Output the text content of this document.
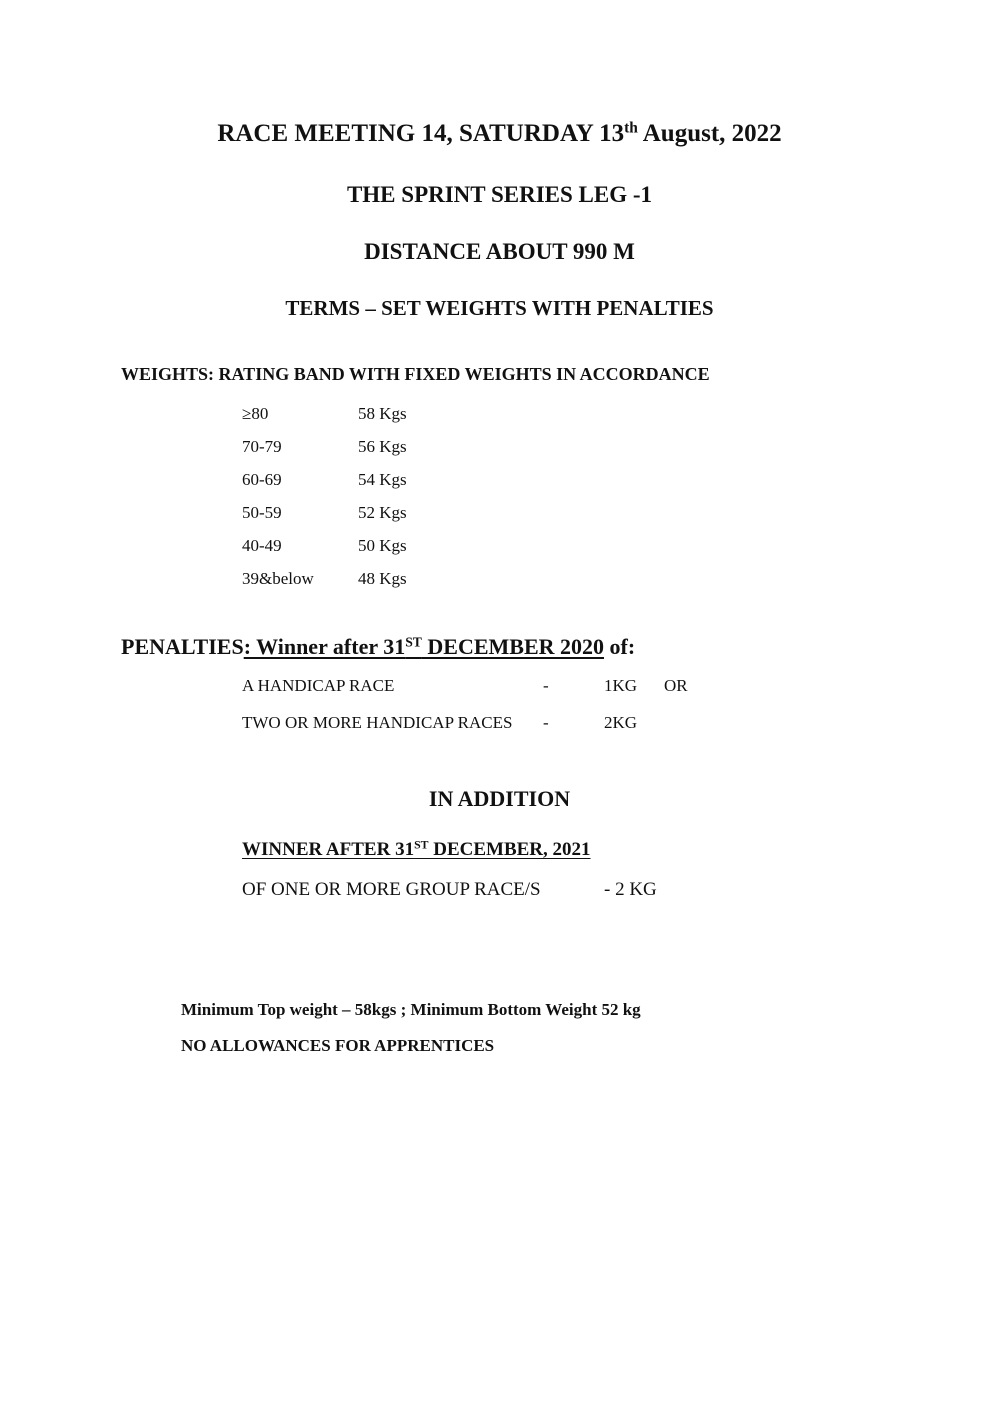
RACE MEETING 14, SATURDAY 13th August, 2022
THE SPRINT SERIES LEG -1
DISTANCE ABOUT 990 M
TERMS – SET WEIGHTS WITH PENALTIES
WEIGHTS: RATING BAND WITH FIXED WEIGHTS IN ACCORDANCE
≥80	58 Kgs
70-79	56 Kgs
60-69	54 Kgs
50-59	52 Kgs
40-49	50 Kgs
39&below	48 Kgs
PENALTIES: Winner after 31ST DECEMBER 2020 of:
A HANDICAP RACE	-	1KG OR
TWO OR MORE HANDICAP RACES -	2KG
IN ADDITION
WINNER AFTER 31ST DECEMBER, 2021
OF ONE OR MORE GROUP RACE/S	- 2 KG
Minimum Top weight – 58kgs ; Minimum Bottom Weight 52 kg
NO ALLOWANCES FOR APPRENTICES
